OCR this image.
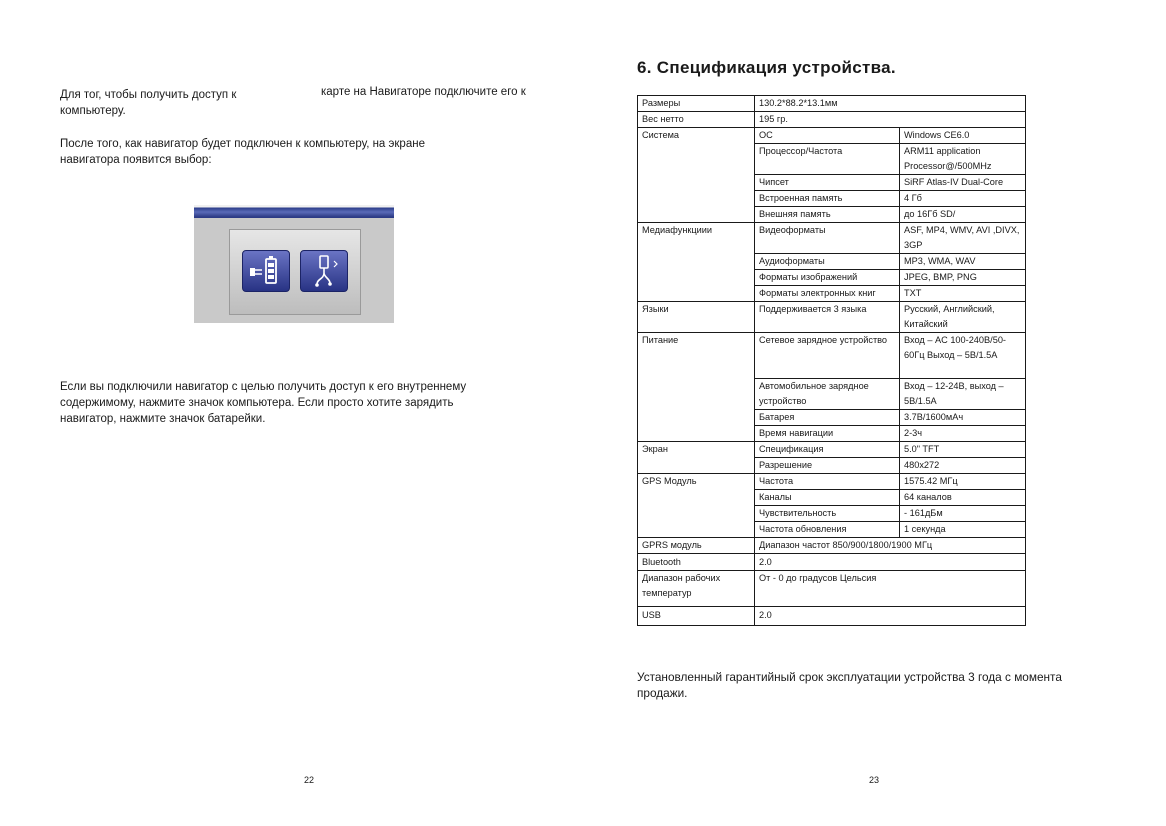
Для тог, чтобы получить доступ к	карте на Навигаторе подключите его к

компьютеру.

После того, как навигатор будет подключен к компьютеру, на экране

навигатора появится выбор:

Если вы подключили навигатор с целью получить доступ к его внутреннему

содержимому, нажмите значок компьютера. Если просто хотите зарядить

навигатор, нажмите значок батарейки.

22
6. Спецификация устройства.
Размеры	130.2*88.2*13.1мм	
Вес нетто	195 гр.	
Система	ОС	Windows CE6.0
	Процессор/Частота	ARM11 application Processor@/500MHz
	Чипсет	SiRF Atlas-IV Dual-Core
	Встроенная память	4 Гб
	Внешняя память	до 16Гб SD/
Медиафункциии	Видеоформаты	ASF, MP4, WMV, AVI ,DIVX, 3GP
	Аудиоформаты	MP3, WMA, WAV
	Форматы изображений	JPEG, BMP, PNG
	Форматы электронных книг	TXT
Языки	Поддерживается 3 языка	Русский, Английский, Китайский
Питание	Сетевое зарядное устройство	Вход – AC 100-240В/50-60Гц Выход – 5В/1.5А
	Автомобильное зарядное устройство	Вход – 12-24В, выход – 5В/1.5А
	Батарея	3.7В/1600мАч
	Время навигации	2-3ч
Экран	Спецификация	5.0" TFT
	Разрешение	480x272
GPS Модуль	Частота	1575.42 МГц
	Каналы	64 каналов
	Чувствительность	- 161дБм
	Частота обновления	1 секунда
GPRS модуль	Диапазон частот 850/900/1800/1900 МГц	
Bluetooth	2.0	
Диапазон рабочих температур	От - 0 до градусов Цельсия	
USB	2.0	

Установленный гарантийный срок эксплуатации устройства 3 года с момента

продажи.

23
